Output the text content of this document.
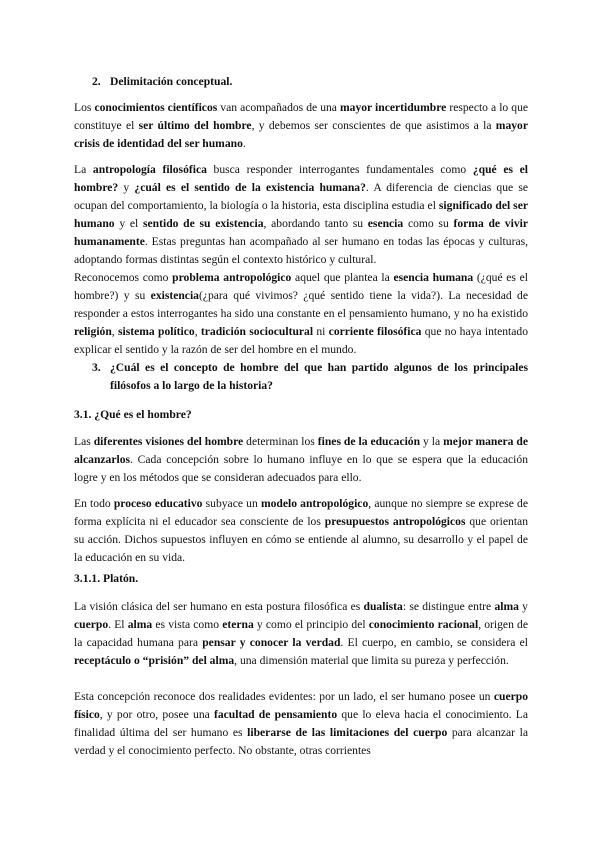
2. Delimitación conceptual.

Los conocimientos científicos van acompañados de una mayor incertidumbre respecto a lo que constituye el ser último del hombre, y debemos ser conscientes de que asistimos a la mayor crisis de identidad del ser humano.

La antropología filosófica busca responder interrogantes fundamentales como ¿qué es el hombre? y ¿cuál es el sentido de la existencia humana?. A diferencia de ciencias que se ocupan del comportamiento, la biología o la historia, esta disciplina estudia el significado del ser humano y el sentido de su existencia, abordando tanto su esencia como su forma de vivir humanamente. Estas preguntas han acompañado al ser humano en todas las épocas y culturas, adoptando formas distintas según el contexto histórico y cultural.

Reconocemos como problema antropológico aquel que plantea la esencia humana (¿qué es el hombre?) y su existencia(¿para qué vivimos? ¿qué sentido tiene la vida?). La necesidad de responder a estos interrogantes ha sido una constante en el pensamiento humano, y no ha existido religión, sistema político, tradición sociocultural ni corriente filosófica que no haya intentado explicar el sentido y la razón de ser del hombre en el mundo.

3. ¿Cuál es el concepto de hombre del que han partido algunos de los principales filósofos a lo largo de la historia?
3.1. ¿Qué es el hombre?

Las diferentes visiones del hombre determinan los fines de la educación y la mejor manera de alcanzarlos. Cada concepción sobre lo humano influye en lo que se espera que la educación logre y en los métodos que se consideran adecuados para ello.

En todo proceso educativo subyace un modelo antropológico, aunque no siempre se exprese de forma explícita ni el educador sea consciente de los presupuestos antropológicos que orientan su acción. Dichos supuestos influyen en cómo se entiende al alumno, su desarrollo y el papel de la educación en su vida.

3.1.1. Platón.

La visión clásica del ser humano en esta postura filosófica es dualista: se distingue entre alma y cuerpo. El alma es vista como eterna y como el principio del conocimiento racional, origen de la capacidad humana para pensar y conocer la verdad. El cuerpo, en cambio, se considera el receptáculo o “prisión” del alma, una dimensión material que limita su pureza y perfección.

Esta concepción reconoce dos realidades evidentes: por un lado, el ser humano posee un cuerpo físico, y por otro, posee una facultad de pensamiento que lo eleva hacia el conocimiento. La finalidad última del ser humano es liberarse de las limitaciones del cuerpo para alcanzar la verdad y el conocimiento perfecto. No obstante, otras corrientes
